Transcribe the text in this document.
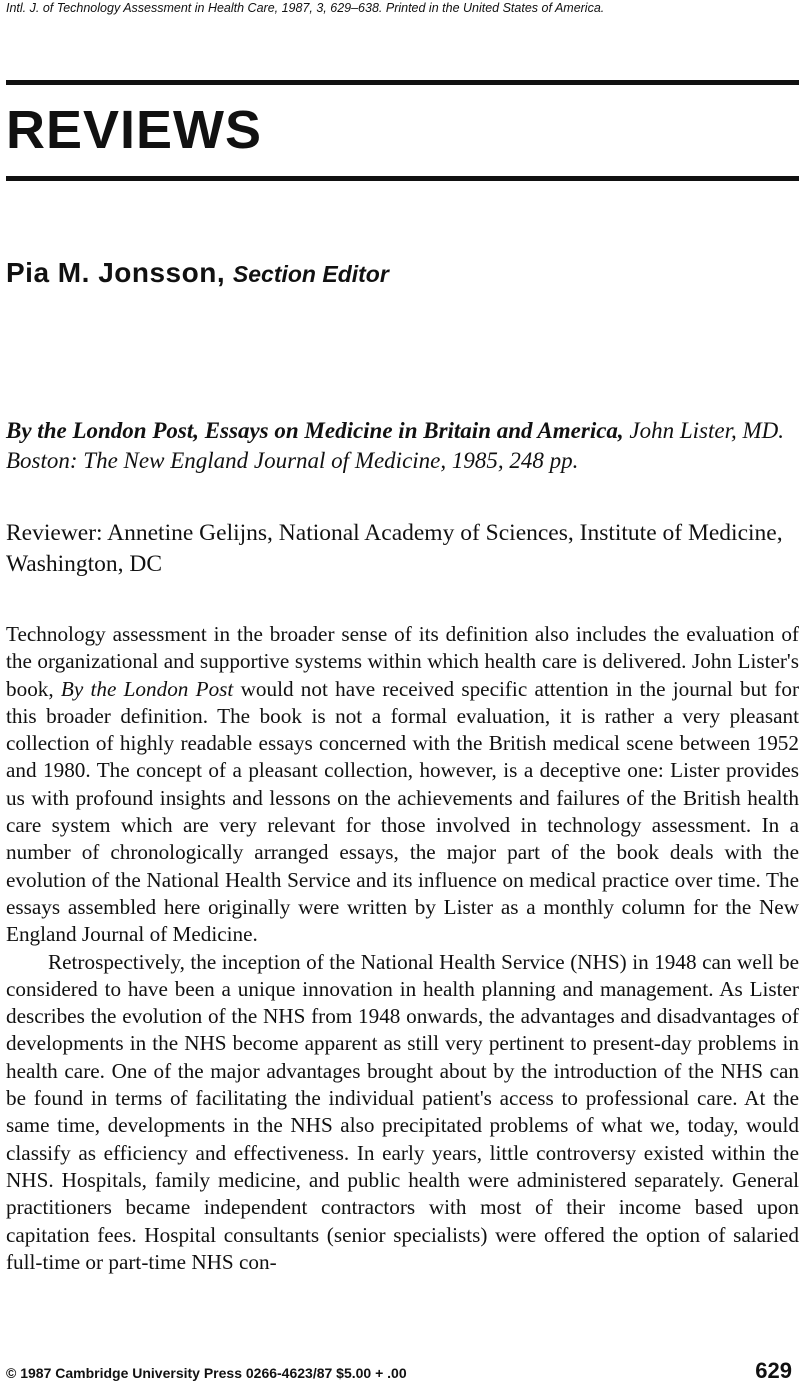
Intl. J. of Technology Assessment in Health Care, 1987, 3, 629–638. Printed in the United States of America.
REVIEWS
Pia M. Jonsson, Section Editor
By the London Post, Essays on Medicine in Britain and America, John Lister, MD. Boston: The New England Journal of Medicine, 1985, 248 pp.
Reviewer: Annetine Gelijns, National Academy of Sciences, Institute of Medicine, Washington, DC

Technology assessment in the broader sense of its definition also includes the evaluation of the organizational and supportive systems within which health care is delivered. John Lister's book, By the London Post would not have received specific attention in the journal but for this broader definition. The book is not a formal evaluation, it is rather a very pleasant collection of highly readable essays concerned with the British medical scene between 1952 and 1980. The concept of a pleasant collection, however, is a deceptive one: Lister provides us with profound insights and lessons on the achievements and failures of the British health care system which are very relevant for those involved in technology assessment. In a number of chronologically arranged essays, the major part of the book deals with the evolution of the National Health Service and its influence on medical practice over time. The essays assembled here originally were written by Lister as a monthly column for the New England Journal of Medicine.

Retrospectively, the inception of the National Health Service (NHS) in 1948 can well be considered to have been a unique innovation in health planning and management. As Lister describes the evolution of the NHS from 1948 onwards, the advantages and disadvantages of developments in the NHS become apparent as still very pertinent to present-day problems in health care. One of the major advantages brought about by the introduction of the NHS can be found in terms of facilitating the individual patient's access to professional care. At the same time, developments in the NHS also precipitated problems of what we, today, would classify as efficiency and effectiveness. In early years, little controversy existed within the NHS. Hospitals, family medicine, and public health were administered separately. General practitioners became independent contractors with most of their income based upon capitation fees. Hospital consultants (senior specialists) were offered the option of salaried full-time or part-time NHS con-

© 1987 Cambridge University Press 0266-4623/87 $5.00 + .00	629
